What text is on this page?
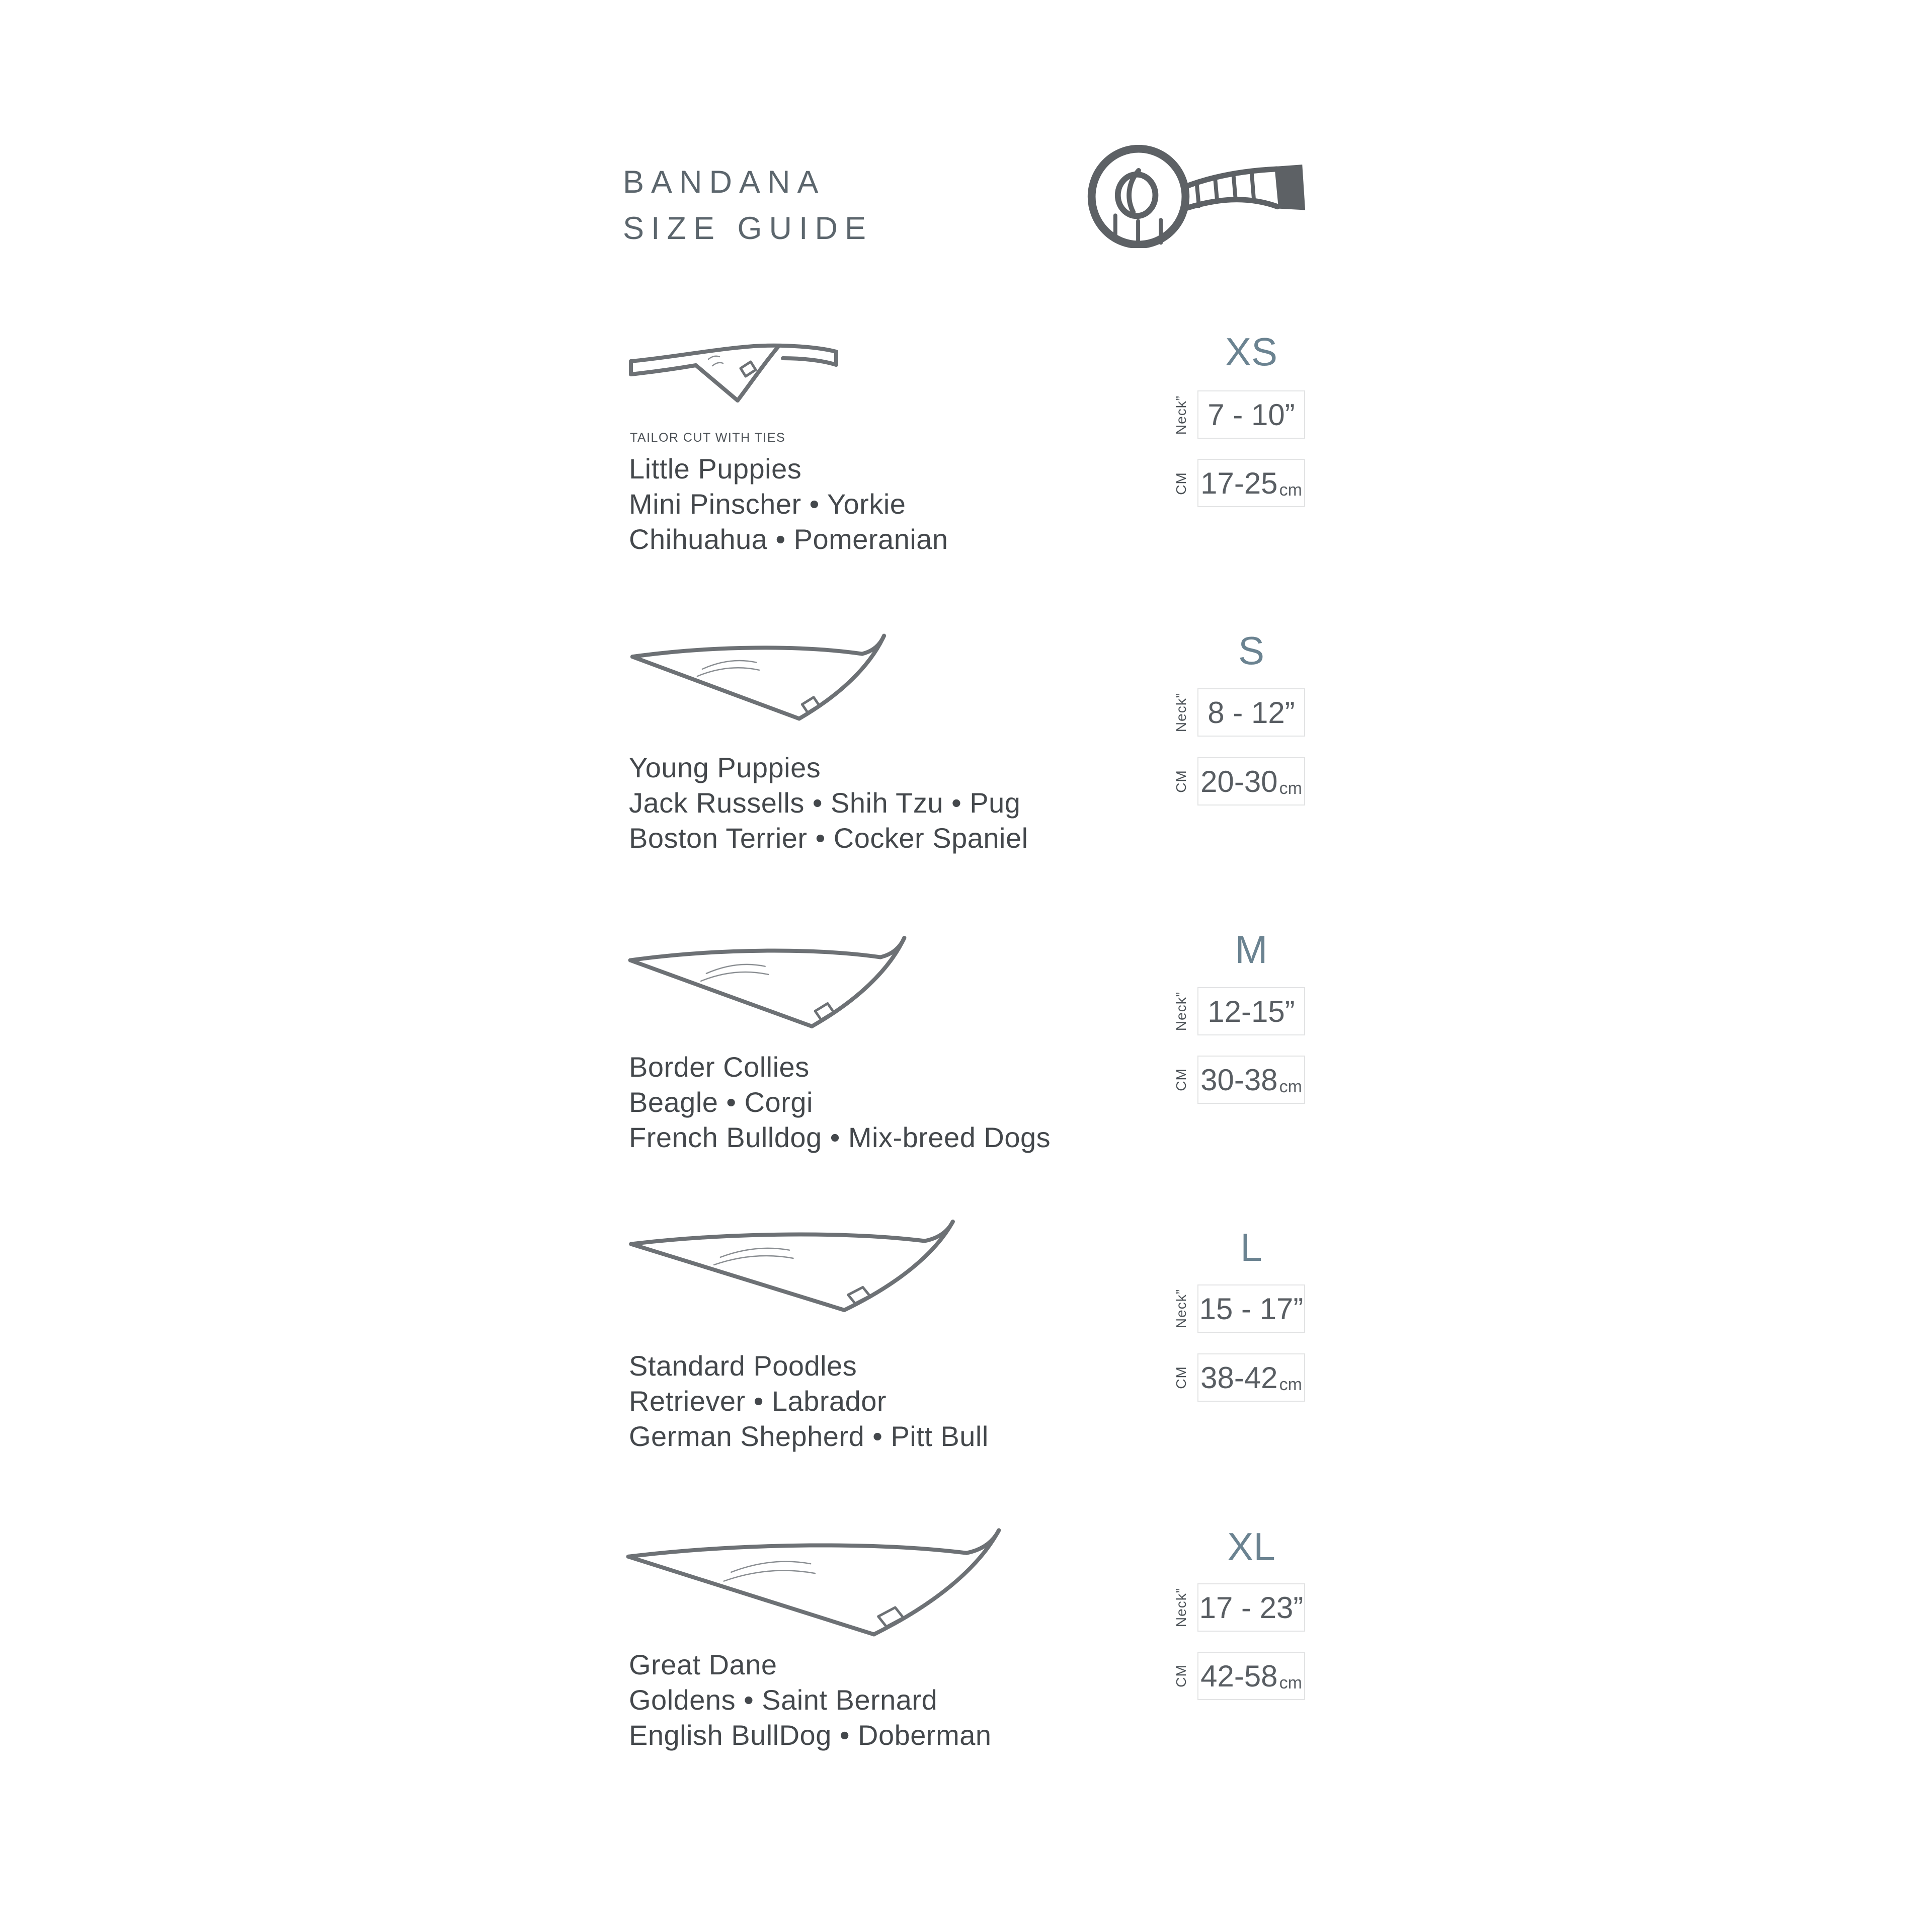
BANDANA
SIZE GUIDE
TAILOR CUT WITH TIES
Little Puppies
Mini Pinscher • Yorkie
Chihuahua • Pomeranian
XS
Neck” 7 - 10”
CM 17-25 cm
Young Puppies
Jack Russells • Shih Tzu • Pug
Boston Terrier • Cocker Spaniel
S
Neck” 8 - 12”
CM 20-30 cm
Border Collies
Beagle • Corgi
French Bulldog • Mix-breed Dogs
M
Neck” 12-15”
CM 30-38 cm
Standard Poodles
Retriever • Labrador
German Shepherd • Pitt Bull
L
Neck” 15 - 17”
CM 38-42 cm
Great Dane
Goldens • Saint Bernard
English BullDog • Doberman
XL
Neck” 17 - 23”
CM 42-58 cm
